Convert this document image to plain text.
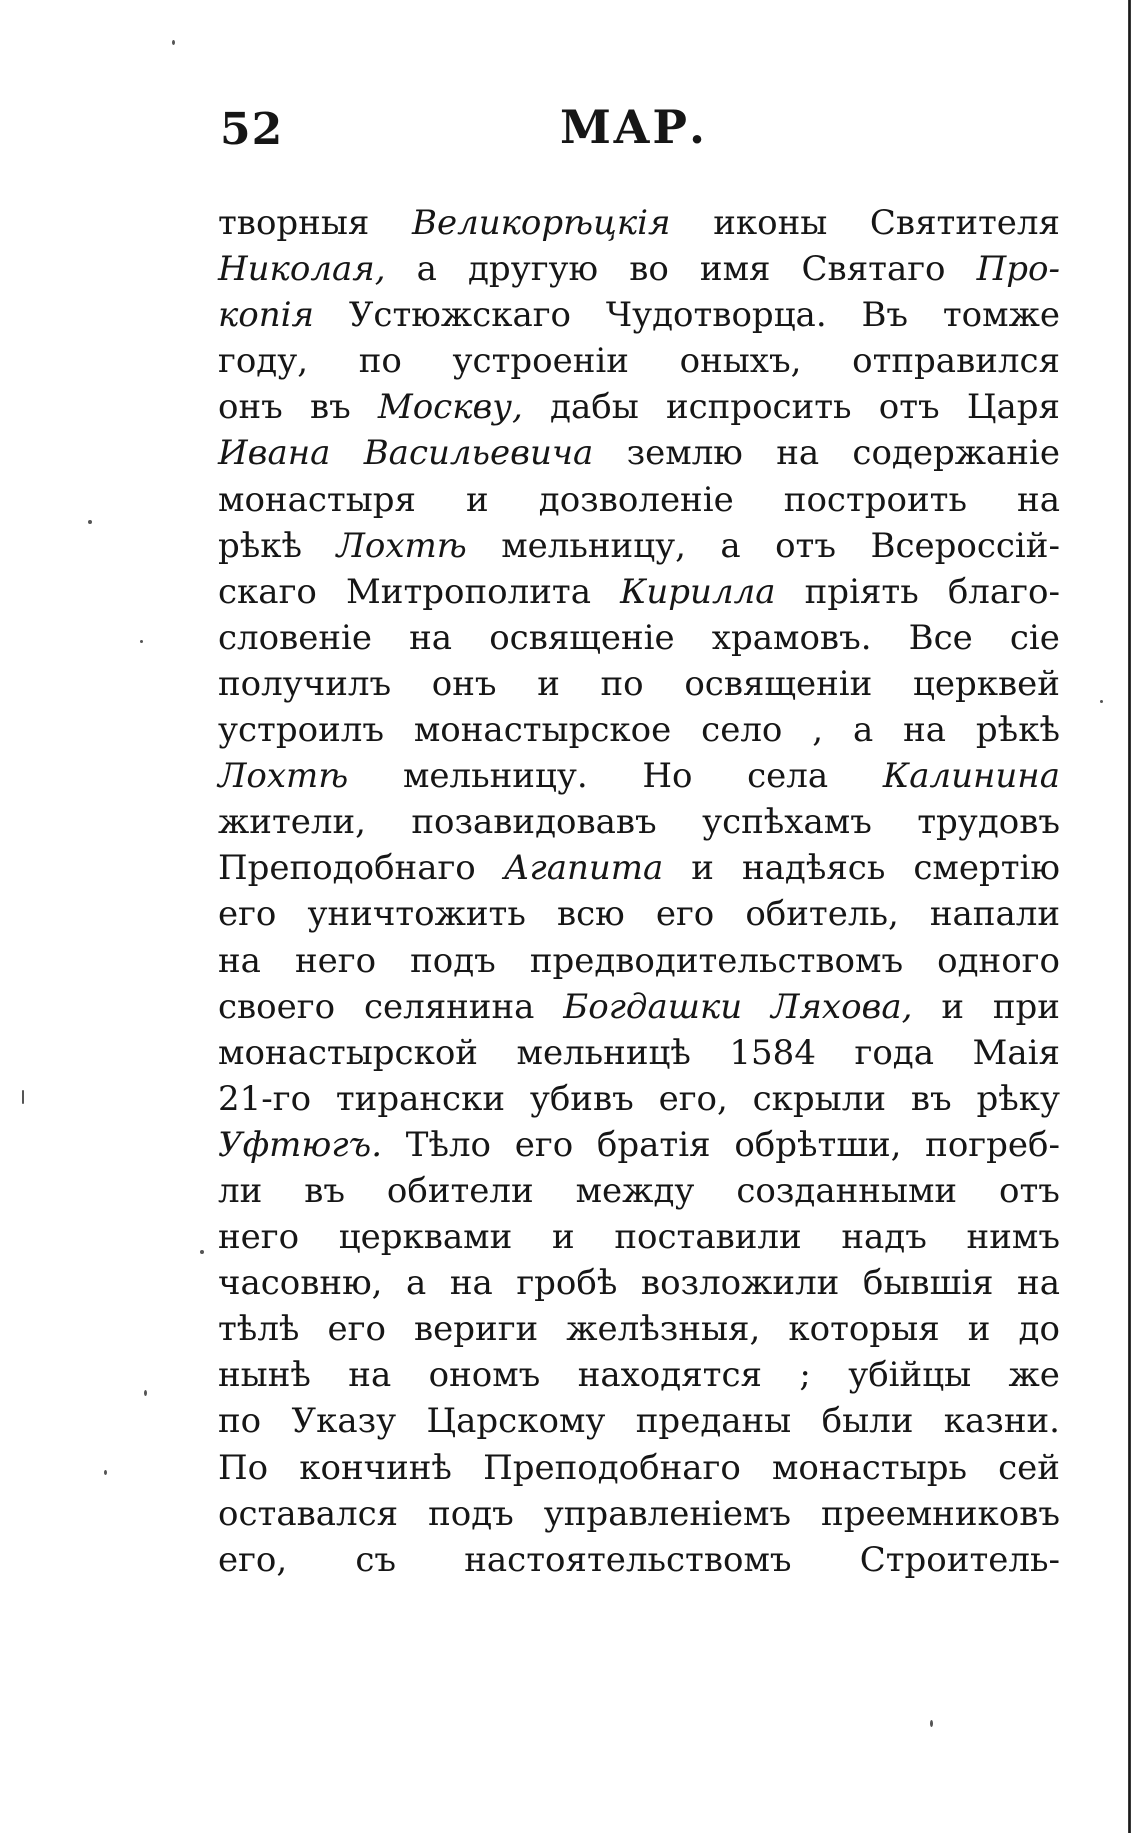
52	МАР.
творныя Великорѣцкія иконы Святителя
Николая, а другую во имя Святаго Про-
копія Устюжскаго Чудотворца. Въ томже
году, по устроеніи оныхъ, отправился
онъ въ Москву, дабы испросить отъ Царя
Ивана Васильевича землю на содержаніе
монастыря и дозволеніе построить на
рѣкѣ Лохтѣ мельницу, а отъ Всероссій-
скаго Митрополита Кирилла пріять благо-
словеніе на освященіе храмовъ. Все сіе
получилъ онъ и по освященіи церквей
устроилъ монастырское село , а на рѣкѣ
Лохтѣ мельницу. Но села Калинина
жители, позавидовавъ успѣхамъ трудовъ
Преподобнаго Агапита и надѣясь смертію
его уничтожить всю его обитель, напали
на него подъ предводительствомъ одного
своего селянина Богдашки Ляхова, и при
монастырской мельницѣ 1584 года Маія
21-го тирански убивъ его, скрыли въ рѣку
Уфтюгъ. Тѣло его братія обрѣтши, погреб-
ли въ обители между созданными отъ
него церквами и поставили надъ нимъ
часовню, а на гробѣ возложили бывшія на
тѣлѣ его вериги желѣзныя, которыя и до
нынѣ на ономъ находятся ; убійцы же
по Указу Царскому преданы были казни.
По кончинѣ Преподобнаго монастырь сей
оставался подъ управленіемъ преемниковъ
его, съ настоятельствомъ Строитель-
